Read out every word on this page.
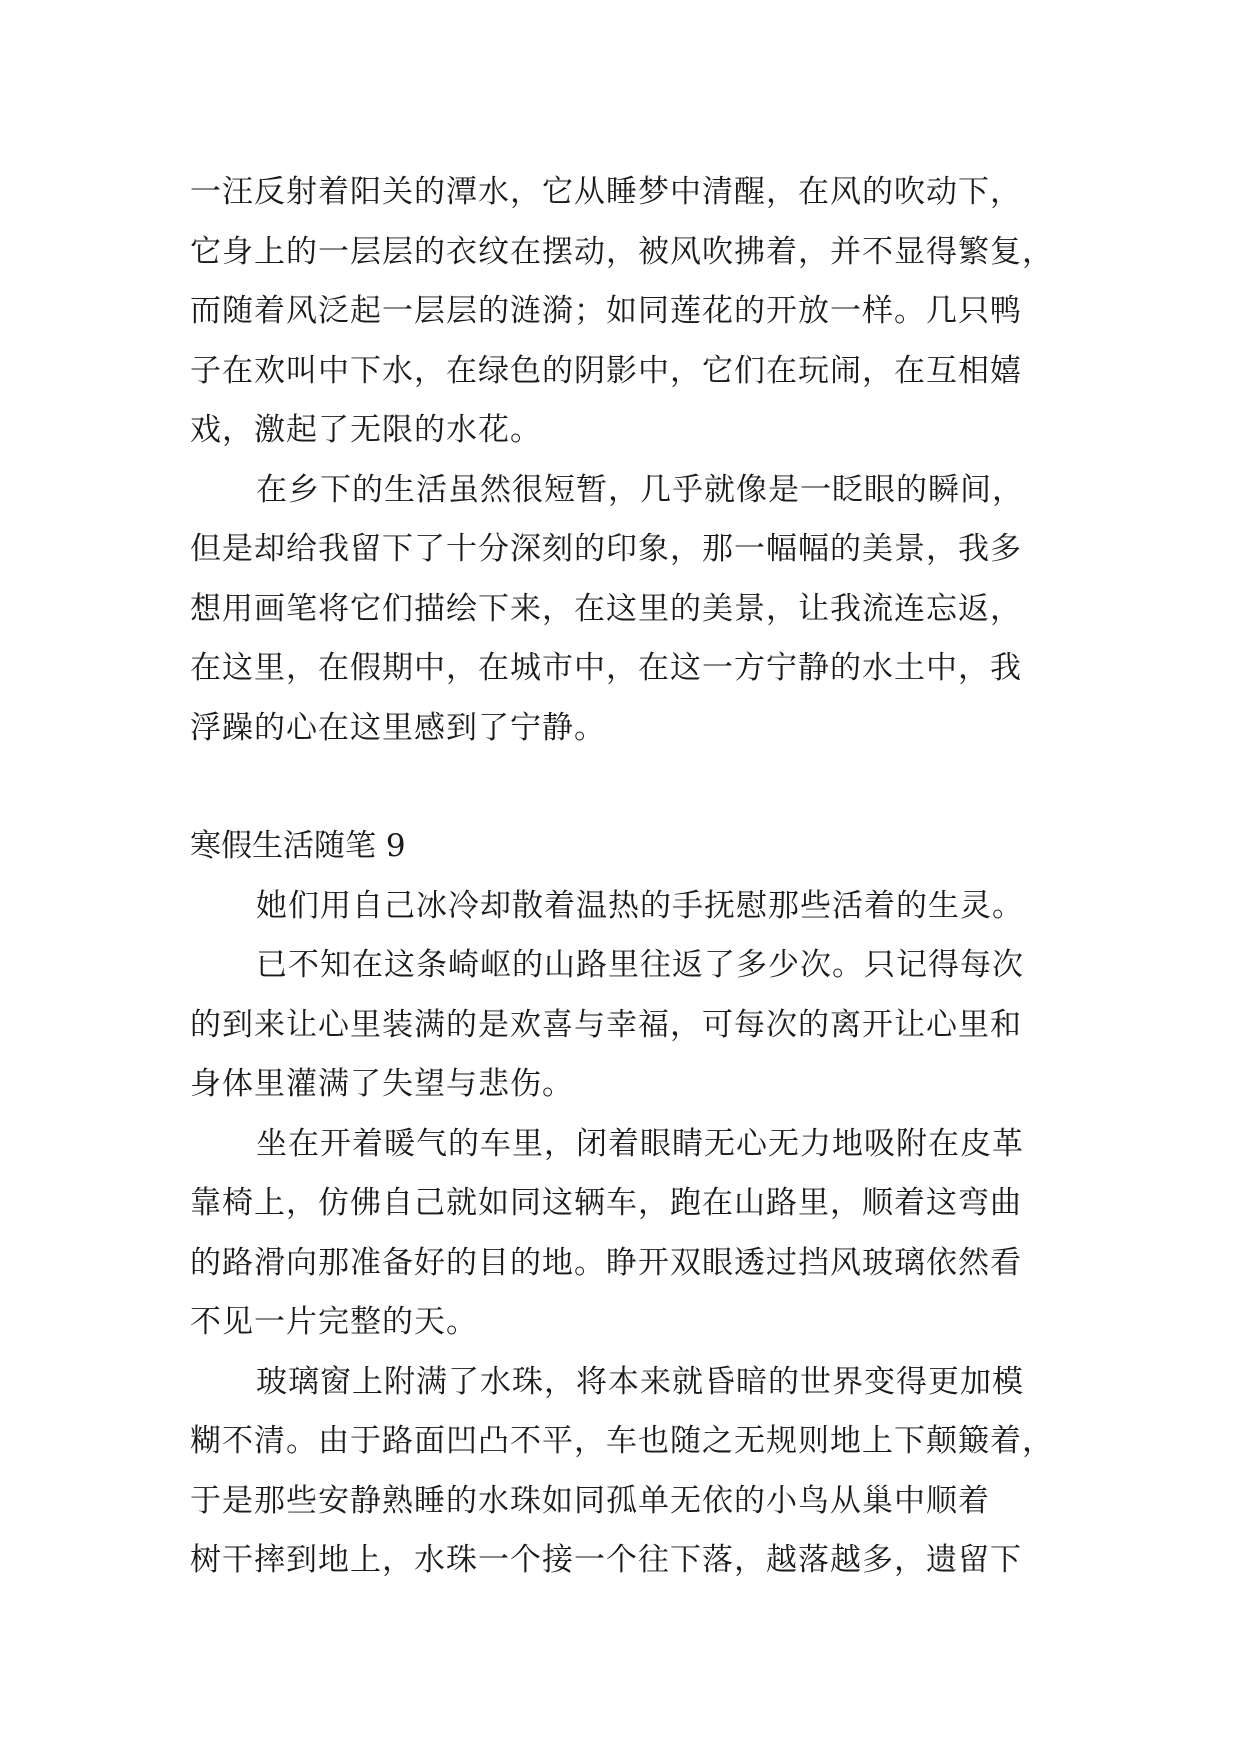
一汪反射着阳关的潭水，它从睡梦中清醒，在风的吹动下，
它身上的一层层的衣纹在摆动，被风吹拂着，并不显得繁复，
而随着风泛起一层层的涟漪；如同莲花的开放一样。几只鸭
子在欢叫中下水，在绿色的阴影中，它们在玩闹，在互相嬉
戏，激起了无限的水花。
在乡下的生活虽然很短暂，几乎就像是一眨眼的瞬间，
但是却给我留下了十分深刻的印象，那一幅幅的美景，我多
想用画笔将它们描绘下来，在这里的美景，让我流连忘返，
在这里，在假期中，在城市中，在这一方宁静的水土中，我
浮躁的心在这里感到了宁静。
寒假生活随笔 9
她们用自己冰冷却散着温热的手抚慰那些活着的生灵。
已不知在这条崎岖的山路里往返了多少次。只记得每次
的到来让心里装满的是欢喜与幸福，可每次的离开让心里和
身体里灌满了失望与悲伤。
坐在开着暖气的车里，闭着眼睛无心无力地吸附在皮革
靠椅上，仿佛自己就如同这辆车，跑在山路里，顺着这弯曲
的路滑向那准备好的目的地。睁开双眼透过挡风玻璃依然看
不见一片完整的天。
玻璃窗上附满了水珠，将本来就昏暗的世界变得更加模
糊不清。由于路面凹凸不平，车也随之无规则地上下颠簸着，
于是那些安静熟睡的水珠如同孤单无依的小鸟从巢中顺着
树干摔到地上，水珠一个接一个往下落，越落越多，遗留下
